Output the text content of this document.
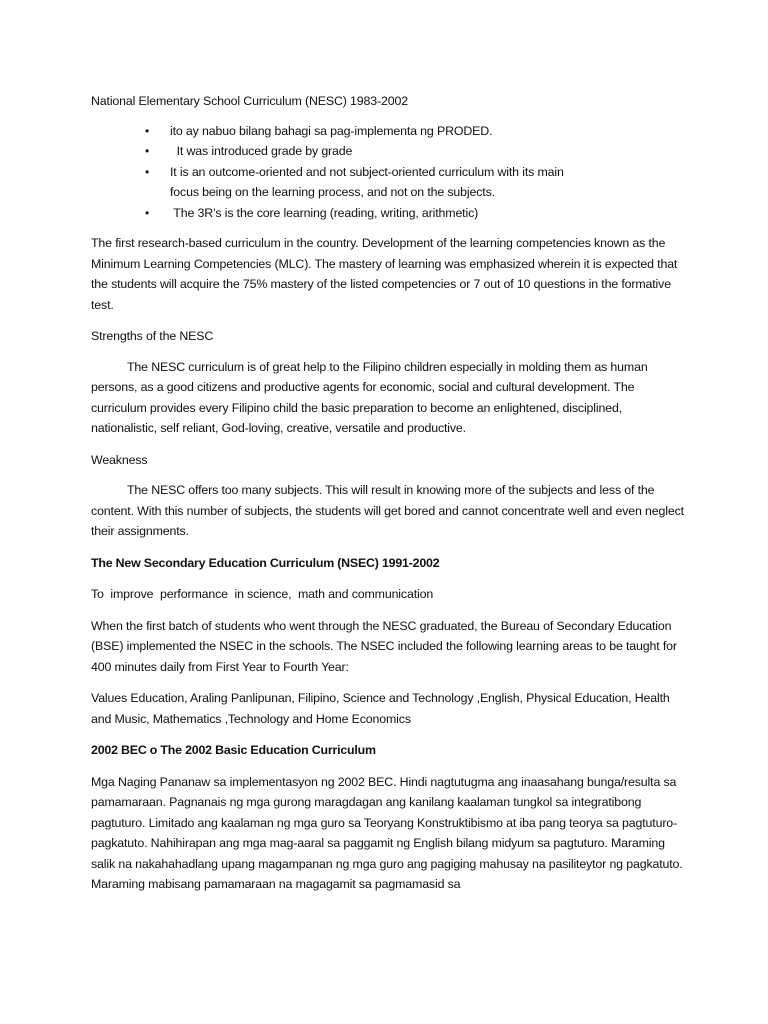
National Elementary School Curriculum (NESC) 1983-2002
• ito ay nabuo bilang bahagi sa pag-implementa ng PRODED.
• It was introduced grade by grade
• It is an outcome-oriented and not subject-oriented curriculum with its main focus being on the learning process, and not on the subjects.
• The 3R’s is the core learning (reading, writing, arithmetic)

The first research-based curriculum in the country. Development of the learning competencies known as the Minimum Learning Competencies (MLC). The mastery of learning was emphasized wherein it is expected that the students will acquire the 75% mastery of the listed competencies or 7 out of 10 questions in the formative test.

Strengths of the NESC

The NESC curriculum is of great help to the Filipino children especially in molding them as human persons, as a good citizens and productive agents for economic, social and cultural development. The curriculum provides every Filipino child the basic preparation to become an enlightened, disciplined, nationalistic, self reliant, God-loving, creative, versatile and productive.

Weakness

The NESC offers too many subjects. This will result in knowing more of the subjects and less of the content. With this number of subjects, the students will get bored and cannot concentrate well and even neglect their assignments.

The New Secondary Education Curriculum (NSEC) 1991-2002

To  improve  performance  in science,  math and communication

When the first batch of students who went through the NESC graduated, the Bureau of Secondary Education (BSE) implemented the NSEC in the schools. The NSEC included the following learning areas to be taught for 400 minutes daily from First Year to Fourth Year:

Values Education, Araling Panlipunan, Filipino, Science and Technology ,English, Physical Education, Health and Music, Mathematics ,Technology and Home Economics

2002 BEC o The 2002 Basic Education Curriculum

Mga Naging Pananaw sa implementasyon ng 2002 BEC. Hindi nagtutugma ang inaasahang bunga/resulta sa pamamaraan. Pagnanais ng mga gurong maragdagan ang kanilang kaalaman tungkol sa integratibong pagtuturo. Limitado ang kaalaman ng mga guro sa Teoryang Konstruktibismo at iba pang teorya sa pagtuturo- pagkatuto. Nahihirapan ang mga mag-aaral sa paggamit ng English bilang midyum sa pagtuturo. Maraming salik na nakahahadlang upang magampanan ng mga guro ang pagiging mahusay na pasiliteytor ng pagkatuto. Maraming mabisang pamamaraan na magagamit sa pagmamasid sa
